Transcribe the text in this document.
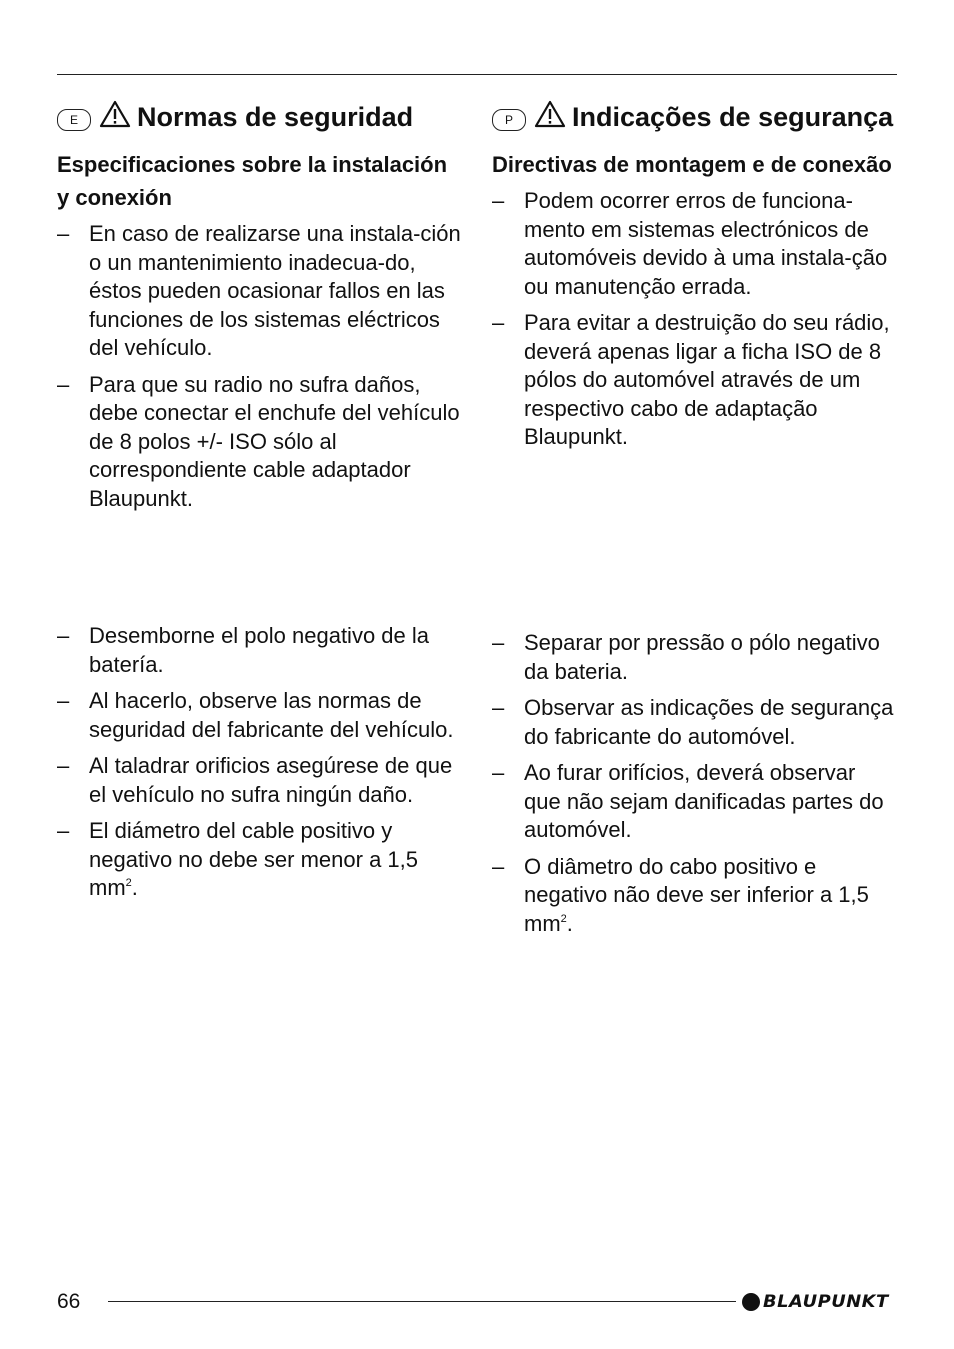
E Normas de seguridad
Especificaciones sobre la instalación y conexión
– En caso de realizarse una instala-ción o un mantenimiento inadecua-do, éstos pueden ocasionar fallos en las funciones de los sistemas eléctricos del vehículo.
– Para que su radio no sufra daños, debe conectar el enchufe del vehículo de 8 polos +/- ISO sólo al correspondiente cable adaptador Blaupunkt.
– Desemborne el polo negativo de la batería.
– Al hacerlo, observe las normas de seguridad del fabricante del vehículo.
– Al taladrar orificios asegúrese de que el vehículo no sufra ningún daño.
– El diámetro del cable positivo y negativo no debe ser menor a 1,5 $mm^2$.
P Indicações de segurança
Directivas de montagem e de conexão
– Podem ocorrer erros de funciona-mento em sistemas electrónicos de automóveis devido à uma instala-ção ou manutenção errada.
– Para evitar a destruição do seu rádio, deverá apenas ligar a ficha ISO de 8 pólos do automóvel através de um respectivo cabo de adaptação Blaupunkt.
– Separar por pressão o pólo negativo da bateria.
– Observar as indicações de segurança do fabricante do automóvel.
– Ao furar orifícios, deverá observar que não sejam danificadas partes do automóvel.
– O diâmetro do cabo positivo e negativo não deve ser inferior a 1,5 $mm^2$.
66	BLAUPUNKT
